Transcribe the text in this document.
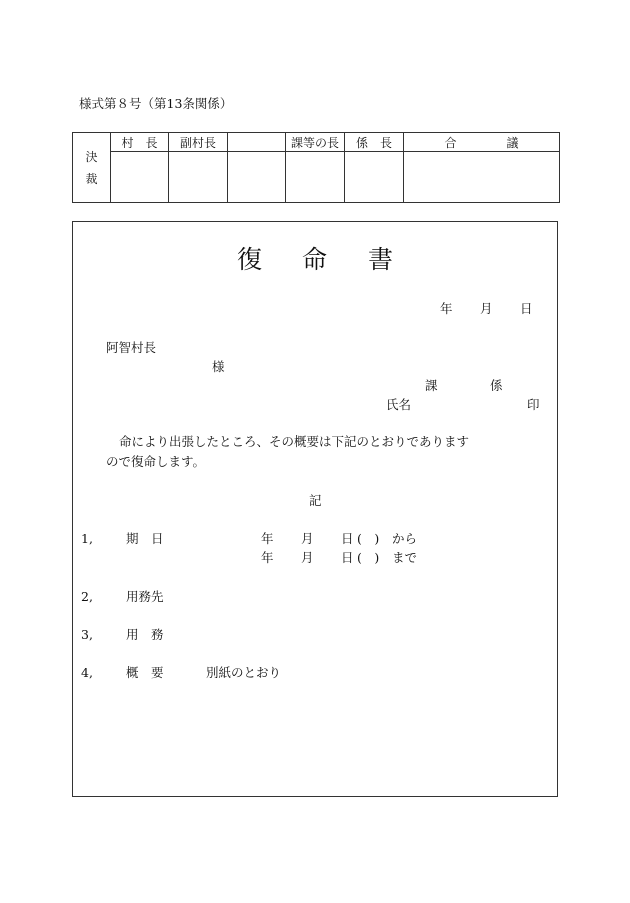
様式第８号（第13条関係）
決
裁	村　長	副村長		課等の長	係　長	合 議

復 命 書
年 月 日
阿智村長
様
課	係
氏名	印
命により出張したところ、その概要は下記のとおりであります
ので復命します。
記
1,	期　日	年 月 日 (　) から
年 月 日 (　) まで
2,	用務先
3,	用　務
4,	概　要	別紙のとおり
